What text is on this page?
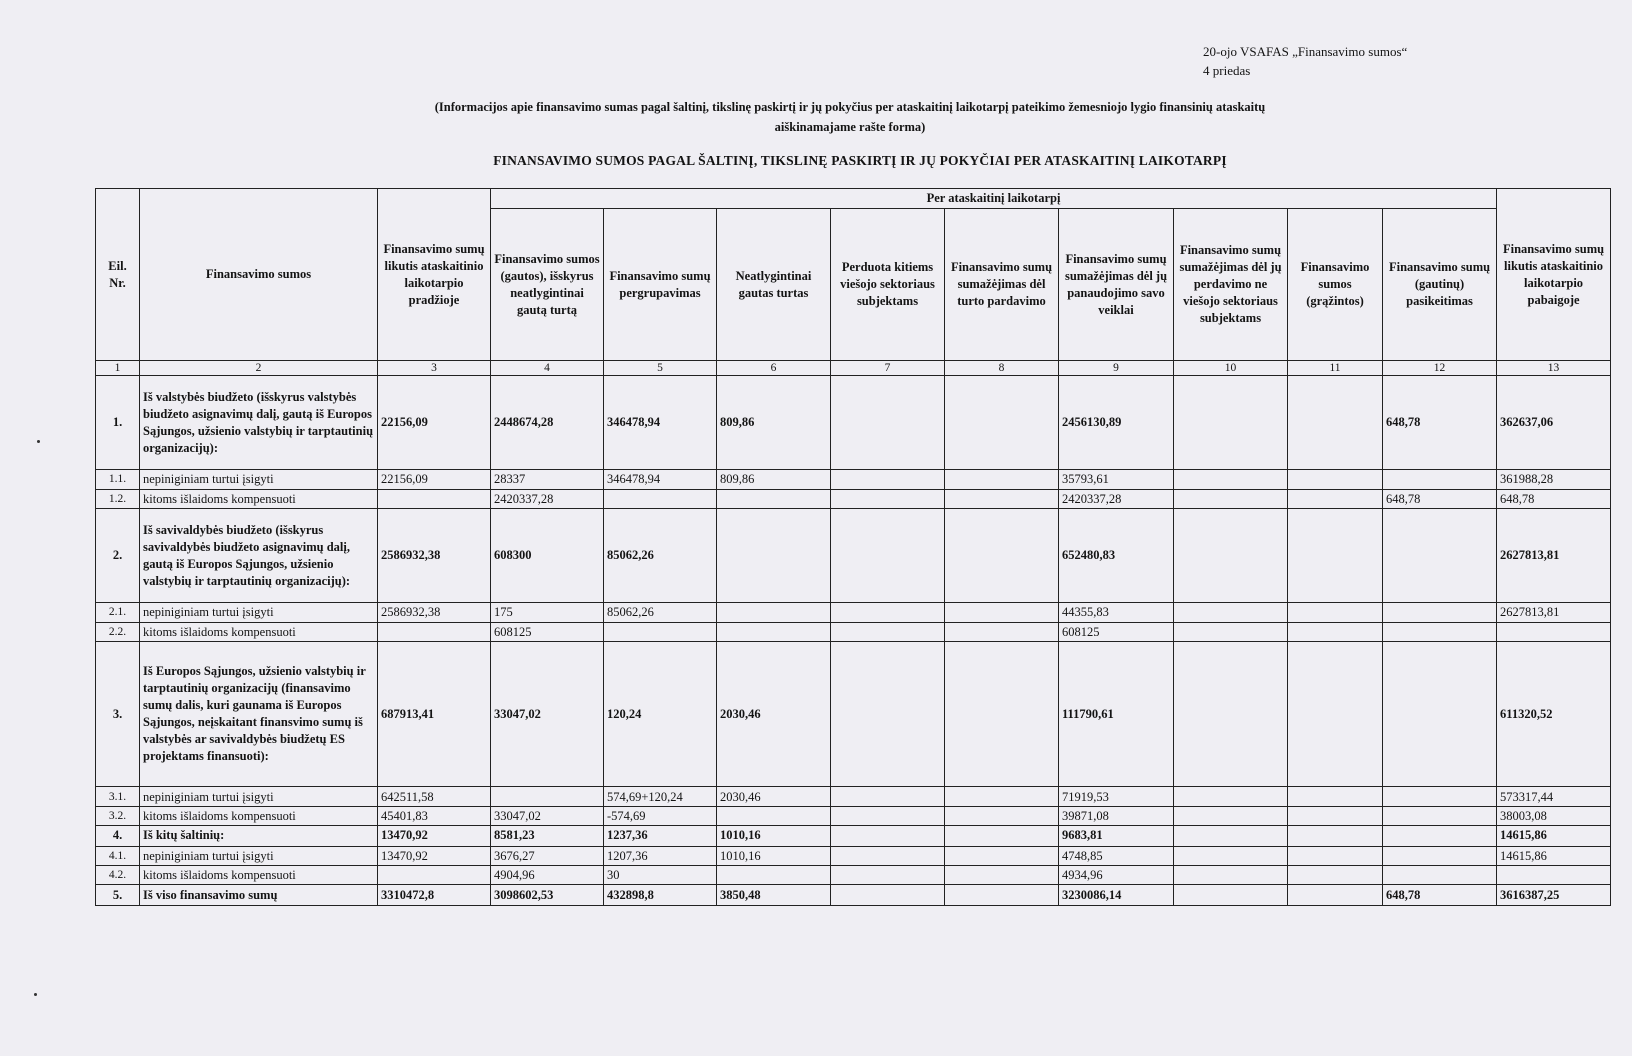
20-ojo VSAFAS „Finansavimo sumos“
4 priedas
(Informacijos apie finansavimo sumas pagal šaltinį, tikslinę paskirtį ir jų pokyčius per ataskaitinį laikotarpį pateikimo žemesniojo lygio finansinių ataskaitų aiškinamajame rašte forma)
FINANSAVIMO SUMOS PAGAL ŠALTINĮ, TIKSLINĘ PASKIRTĮ IR JŲ POKYČIAI PER ATASKAITINĮ LAIKOTARPĮ
Eil. Nr.	Finansavimo sumos	Finansavimo sumų likutis ataskaitinio laikotarpio pradžioje	Per ataskaitinį laikotarpį									Finansavimo sumų likutis ataskaitinio laikotarpio pabaigoje
			Finansavimo sumos (gautos), išskyrus neatlygintinai gautą turtą	Finansavimo sumų pergrupavimas	Neatlygintinai gautas turtas	Perduota kitiems viešojo sektoriaus subjektams	Finansavimo sumų sumažėjimas dėl turto pardavimo	Finansavimo sumų sumažėjimas dėl jų panaudojimo savo veiklai	Finansavimo sumų sumažėjimas dėl jų perdavimo ne viešojo sektoriaus subjektams	Finansavimo sumos (grąžintos)	Finansavimo sumų (gautinų) pasikeitimas	
1	2	3	4	5	6	7	8	9	10	11	12	13
1.	Iš valstybės biudžeto (išskyrus valstybės biudžeto asignavimų dalį, gautą iš Europos Sąjungos, užsienio valstybių ir tarptautinių organizacijų):	22156,09	2448674,28	346478,94	809,86			2456130,89			648,78	362637,06
1.1.	nepiniginiam turtui įsigyti	22156,09	28337	346478,94	809,86			35793,61				361988,28
1.2.	kitoms išlaidoms kompensuoti		2420337,28					2420337,28			648,78	648,78
2.	Iš savivaldybės biudžeto (išskyrus savivaldybės biudžeto asignavimų dalį, gautą iš Europos Sąjungos, užsienio valstybių ir tarptautinių organizacijų):	2586932,38	608300	85062,26				652480,83				2627813,81
2.1.	nepiniginiam turtui įsigyti	2586932,38	175	85062,26				44355,83				2627813,81
2.2.	kitoms išlaidoms kompensuoti		608125					608125				
3.	Iš Europos Sąjungos, užsienio valstybių ir tarptautinių organizacijų (finansavimo sumų dalis, kuri gaunama iš Europos Sąjungos, neįskaitant finansvimo sumų iš valstybės ar savivaldybės biudžetų ES projektams finansuoti):	687913,41	33047,02	120,24	2030,46			111790,61				611320,52
3.1.	nepiniginiam turtui įsigyti	642511,58		574,69+120,24	2030,46			71919,53				573317,44
3.2.	kitoms išlaidoms kompensuoti	45401,83	33047,02	-574,69				39871,08				38003,08
4.	Iš kitų šaltinių:	13470,92	8581,23	1237,36	1010,16			9683,81				14615,86
4.1.	nepiniginiam turtui įsigyti	13470,92	3676,27	1207,36	1010,16			4748,85				14615,86
4.2.	kitoms išlaidoms kompensuoti		4904,96	30				4934,96				
5.	Iš viso finansavimo sumų	3310472,8	3098602,53	432898,8	3850,48			3230086,14			648,78	3616387,25
